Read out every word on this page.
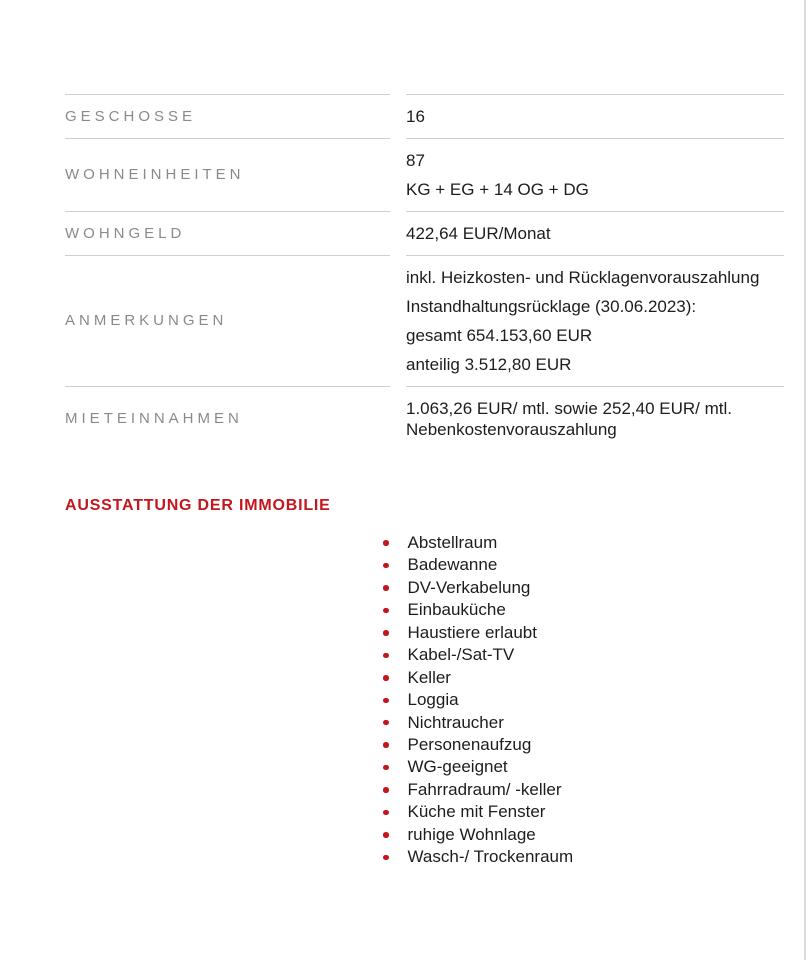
GESCHOSSE	16
WOHNEINHEITEN
87
KG + EG + 14 OG + DG
WOHNGELD	422,64 EUR/Monat
ANMERKUNGEN
inkl. Heizkosten- und Rücklagenvorauszahlung
Instandhaltungsrücklage (30.06.2023):
gesamt 654.153,60 EUR
anteilig 3.512,80 EUR
MIETEINNAHMEN
1.063,26 EUR/ mtl. sowie 252,40 EUR/ mtl.
Nebenkostenvorauszahlung
AUSSTATTUNG DER IMMOBILIE
Abstellraum
Badewanne
DV-Verkabelung
Einbauküche
Haustiere erlaubt
Kabel-/Sat-TV
Keller
Loggia
Nichtraucher
Personenaufzug
WG-geeignet
Fahrradraum/ -keller
Küche mit Fenster
ruhige Wohnlage
Wasch-/ Trockenraum
